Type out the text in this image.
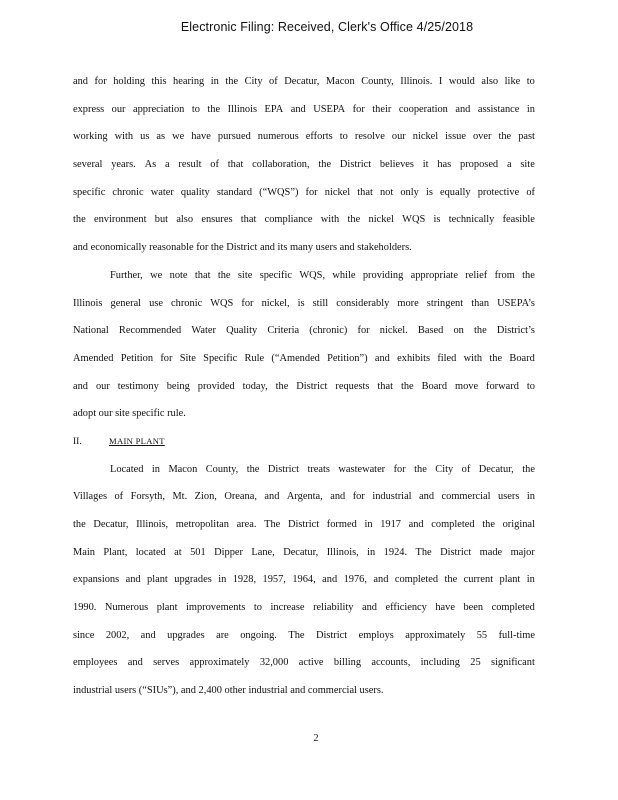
Electronic Filing: Received, Clerk's Office 4/25/2018
and for holding this hearing in the City of Decatur, Macon County, Illinois. I would also like to
express our appreciation to the Illinois EPA and USEPA for their cooperation and assistance in
working with us as we have pursued numerous efforts to resolve our nickel issue over the past
several years. As a result of that collaboration, the District believes it has proposed a site
specific chronic water quality standard (“WQS”) for nickel that not only is equally protective of
the environment but also ensures that compliance with the nickel WQS is technically feasible
and economically reasonable for the District and its many users and stakeholders.
Further, we note that the site specific WQS, while providing appropriate relief from the
Illinois general use chronic WQS for nickel, is still considerably more stringent than USEPA’s
National Recommended Water Quality Criteria (chronic) for nickel. Based on the District’s
Amended Petition for Site Specific Rule (“Amended Petition”) and exhibits filed with the Board
and our testimony being provided today, the District requests that the Board move forward to
adopt our site specific rule.
II.	MAIN PLANT
Located in Macon County, the District treats wastewater for the City of Decatur, the
Villages of Forsyth, Mt. Zion, Oreana, and Argenta, and for industrial and commercial users in
the Decatur, Illinois, metropolitan area. The District formed in 1917 and completed the original
Main Plant, located at 501 Dipper Lane, Decatur, Illinois, in 1924. The District made major
expansions and plant upgrades in 1928, 1957, 1964, and 1976, and completed the current plant in
1990. Numerous plant improvements to increase reliability and efficiency have been completed
since 2002, and upgrades are ongoing. The District employs approximately 55 full-time
employees and serves approximately 32,000 active billing accounts, including 25 significant
industrial users (“SIUs”), and 2,400 other industrial and commercial users.
2
